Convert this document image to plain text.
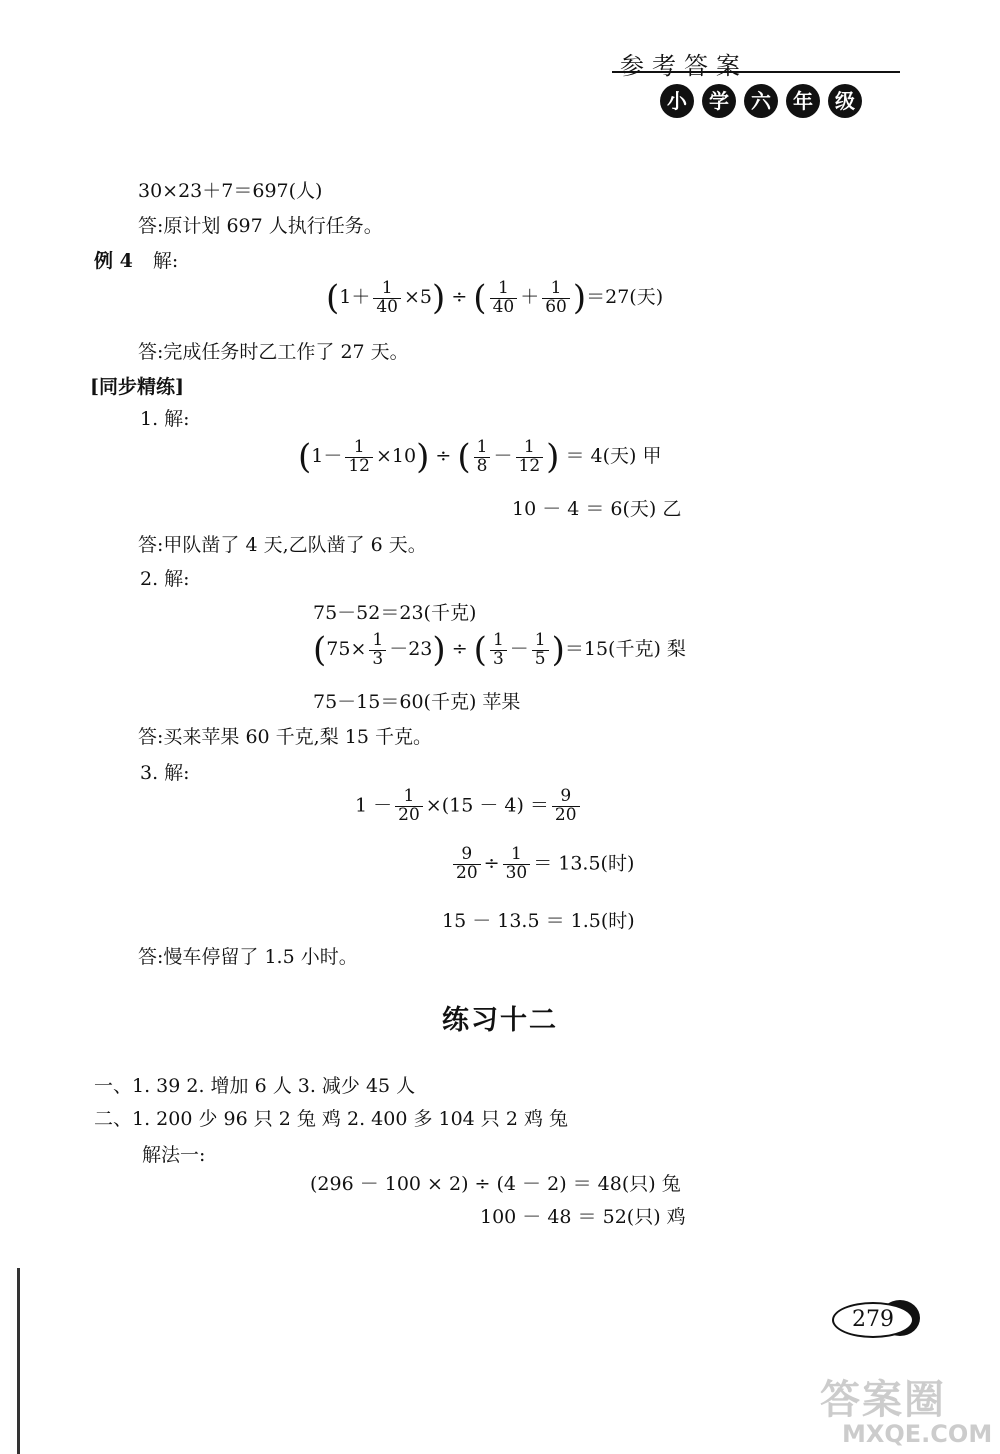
参考答案
小 学 六 年 级
30×23＋7＝697(人)
答:原计划 697 人执行任务。
例 4 解:
$(1+ \frac{1}{40} \times 5)$ ÷ ( $\frac{1}{40} + \frac{1}{60} )=27$(天)
答:完成任务时乙工作了 27 天。
[同步精练]
1. 解:
$(1- \frac{1}{12} \times 10)$ ÷ ( $\frac{1}{8} - \frac{1}{12}$ ) ＝ 4(天) 甲
10 － 4 ＝ 6(天) 乙
答:甲队凿了 4 天,乙队凿了 6 天。
2. 解:
75－52＝23(千克)
$(75\times \frac{1}{3} -23)$ ÷ ( $\frac{1}{3} - \frac{1}{5} )=15$(千克) 梨
75－15＝60(千克) 苹果
答:买来苹果 60 千克,梨 15 千克。
3. 解:
$1 - \frac{1}{20} \times(15 - 4) = \frac{9}{20}$
$\frac{9}{20} \div \frac{1}{30} = 13.5$(时)
15 － 13.5 ＝ 1.5(时)
答:慢车停留了 1.5 小时。
练习十二
一、1. 39 2. 增加 6 人 3. 减少 45 人
二、1. 200 少 96 只 2 兔 鸡 2. 400 多 104 只 2 鸡 兔
解法一:
(296 － 100 × 2) ÷ (4 － 2) ＝ 48(只) 兔
100 － 48 ＝ 52(只) 鸡
279
答案圈
MXQE.COM
